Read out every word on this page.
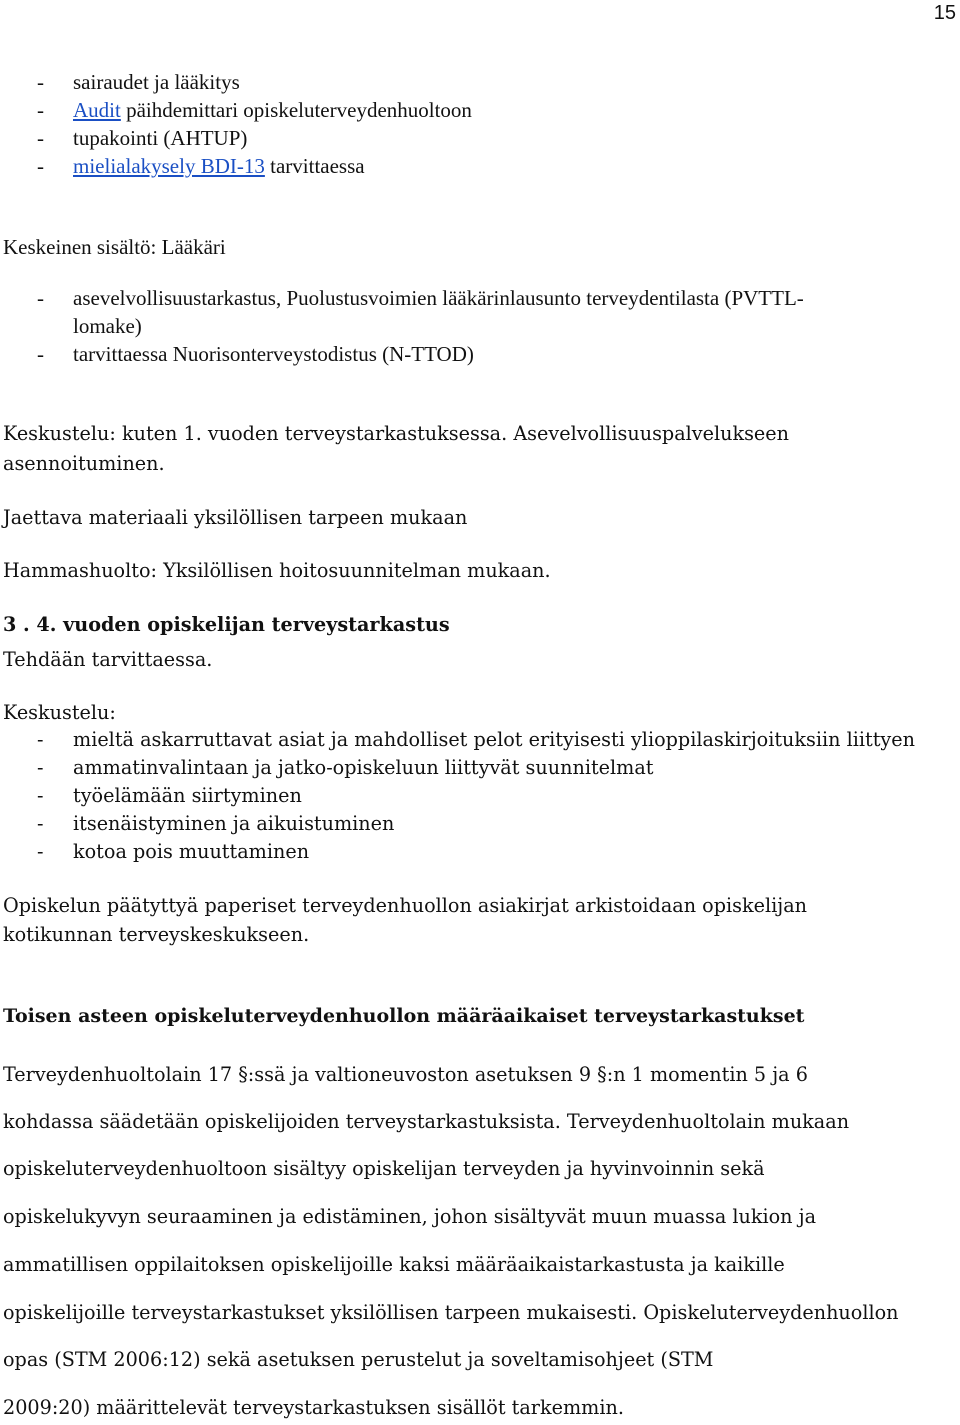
15
- sairaudet ja lääkitys
- Audit päihdemittari opiskeluterveydenhuoltoon
- tupakointi (AHTUP)
- mielialakysely BDI-13 tarvittaessa
Keskeinen sisältö: Lääkäri
- asevelvollisuustarkastus, Puolustusvoimien lääkärinlausunto terveydentilasta (PVTTL-
lomake)
- tarvittaessa Nuorisonterveystodistus (N-TTOD)
Keskustelu: kuten 1. vuoden terveystarkastuksessa. Asevelvollisuuspalvelukseen
asennoituminen.
Jaettava materiaali yksilöllisen tarpeen mukaan
Hammashuolto: Yksilöllisen hoitosuunnitelman mukaan.
3 . 4. vuoden opiskelijan terveystarkastus
Tehdään tarvittaessa.
Keskustelu:
- mieltä askarruttavat asiat ja mahdolliset pelot erityisesti ylioppilaskirjoituksiin liittyen
- ammatinvalintaan ja jatko-opiskeluun liittyvät suunnitelmat
- työelämään siirtyminen
- itsenäistyminen ja aikuistuminen
- kotoa pois muuttaminen
Opiskelun päätyttyä paperiset terveydenhuollon asiakirjat arkistoidaan opiskelijan
kotikunnan terveyskeskukseen.
Toisen asteen opiskeluterveydenhuollon määräaikaiset terveystarkastukset
Terveydenhuoltolain 17 §:ssä ja valtioneuvoston asetuksen 9 §:n 1 momentin 5 ja 6
kohdassa säädetään opiskelijoiden terveystarkastuksista. Terveydenhuoltolain mukaan
opiskeluterveydenhuoltoon sisältyy opiskelijan terveyden ja hyvinvoinnin sekä
opiskelukyvyn seuraaminen ja edistäminen, johon sisältyvät muun muassa lukion ja
ammatillisen oppilaitoksen opiskelijoille kaksi määräaikaistarkastusta ja kaikille
opiskelijoille terveystarkastukset yksilöllisen tarpeen mukaisesti. Opiskeluterveydenhuollon
opas (STM 2006:12) sekä asetuksen perustelut ja soveltamisohjeet (STM
2009:20) määrittelevät terveystarkastuksen sisällöt tarkemmin.
